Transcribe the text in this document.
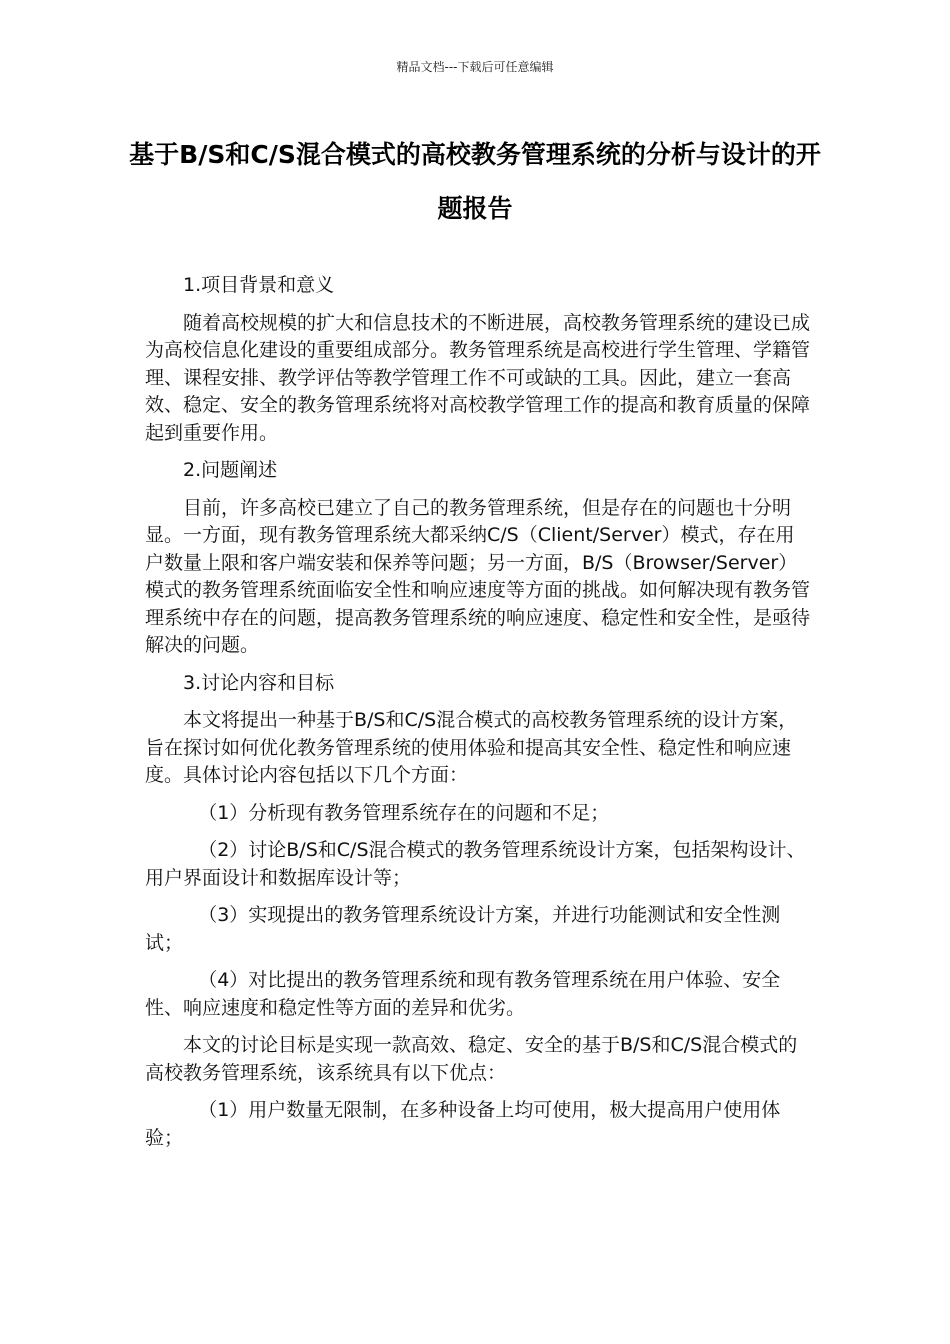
精品文档---下载后可任意编辑
基于B/S和C/S混合模式的高校教务管理系统的分析与设计的开题报告

1.项目背景和意义

随着高校规模的扩大和信息技术的不断进展，高校教务管理系统的建设已成为高校信息化建设的重要组成部分。教务管理系统是高校进行学生管理、学籍管理、课程安排、教学评估等教学管理工作不可或缺的工具。因此，建立一套高效、稳定、安全的教务管理系统将对高校教学管理工作的提高和教育质量的保障起到重要作用。

2.问题阐述

目前，许多高校已建立了自己的教务管理系统，但是存在的问题也十分明显。一方面，现有教务管理系统大都采纳C/S（Client/Server）模式，存在用户数量上限和客户端安装和保养等问题；另一方面，B/S（Browser/Server）模式的教务管理系统面临安全性和响应速度等方面的挑战。如何解决现有教务管理系统中存在的问题，提高教务管理系统的响应速度、稳定性和安全性，是亟待解决的问题。

3.讨论内容和目标

本文将提出一种基于B/S和C/S混合模式的高校教务管理系统的设计方案，旨在探讨如何优化教务管理系统的使用体验和提高其安全性、稳定性和响应速度。具体讨论内容包括以下几个方面：

（1）分析现有教务管理系统存在的问题和不足；

（2）讨论B/S和C/S混合模式的教务管理系统设计方案，包括架构设计、用户界面设计和数据库设计等；

（3）实现提出的教务管理系统设计方案，并进行功能测试和安全性测试；

（4）对比提出的教务管理系统和现有教务管理系统在用户体验、安全性、响应速度和稳定性等方面的差异和优劣。

本文的讨论目标是实现一款高效、稳定、安全的基于B/S和C/S混合模式的高校教务管理系统，该系统具有以下优点：

（1）用户数量无限制，在多种设备上均可使用，极大提高用户使用体验；
